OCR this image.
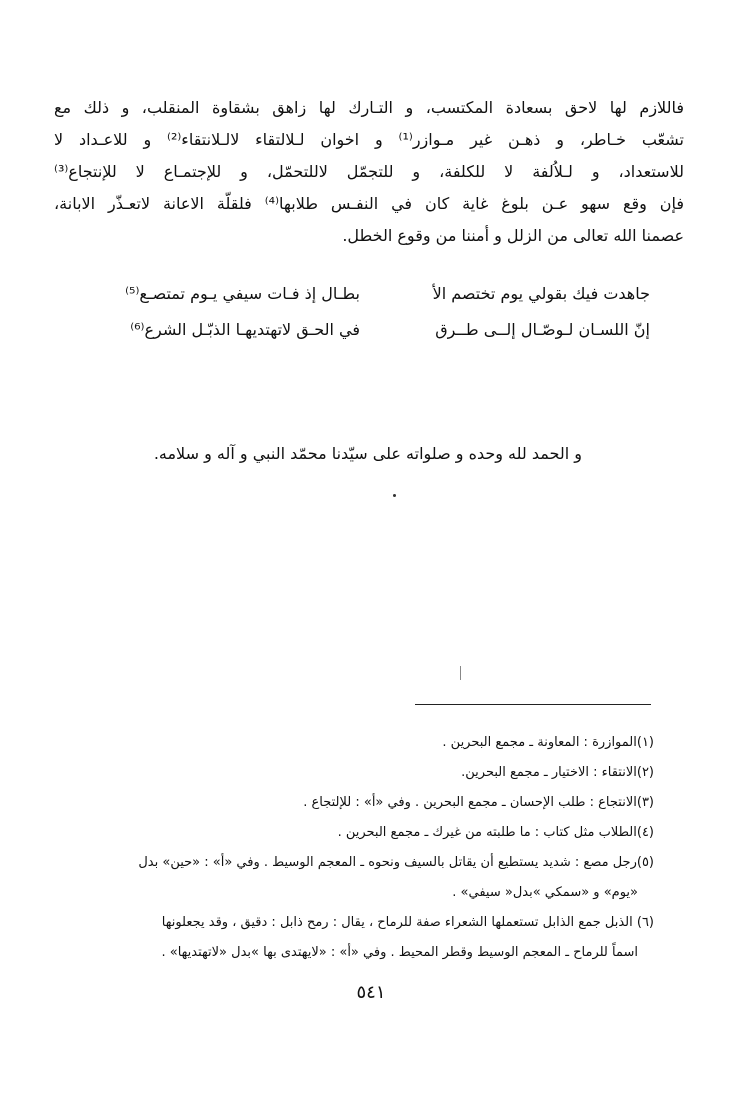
فاللازم لها لاحق بسعادة المكتسب، و التـارك لها زاهق بشقاوة المنقلب، و ذلك مع
تشعّب خـاطر، و ذهـن غير مـوازر⁽¹⁾ و اخوان لـلالتقاء لالـلانتقاء⁽²⁾ و للاعـداد لا
للاستعداد، و لـلاُلفة لا للكلفة، و للتجمّل لاللتحمّل، و للإجتمـاع لا للإنتجاع⁽³⁾
فإن وقع سهو عـن بلوغ غاية كان في النفـس طلابها⁽⁴⁾ فلقلّة الاعانة لاتعـذّر الابانة،
عصمنا الله تعالى من الزلل و أمننا من وقوع الخطل.
جاهدت فيك بقولي يوم تختصم الأ
بطـال إذ فـات سيفي يـوم تمتصـع⁽⁵⁾
إنّ اللسـان لـوصّـال إلــى طــرق
في الحـق لاتهتديهـا الذبّـل الشرع⁽⁶⁾
و الحمد لله وحده و صلواته على سيّدنا محمّد النبي و آله و سلامه.
(١)الموازرة : المعاونة ـ مجمع البحرين .
(٢)الانتقاء : الاختيار ـ مجمع البحرين.
(٣)الانتجاع : طلب الإحسان ـ مجمع البحرين . وفي «أ» : للإلتجاع .
(٤)الطلاب مثل كتاب : ما طلبته من غيرك ـ مجمع البحرين .
(٥)رجل مصع : شديد يستطيع أن يقاتل بالسيف ونحوه ـ المعجم الوسيط . وفي «أ» : «حين» بدل
«يوم» و «سمكي »بدل« سيفي» .
(٦) الذبل جمع الذابل تستعملها الشعراء صفة للرماح ، يقال : رمح ذابل : دقيق ، وقد يجعلونها
اسماً للرماح ـ المعجم الوسيط وقطر المحيط . وفي «أ» : «لايهتدى بها »بدل «لاتهتديها» .
٥٤١
